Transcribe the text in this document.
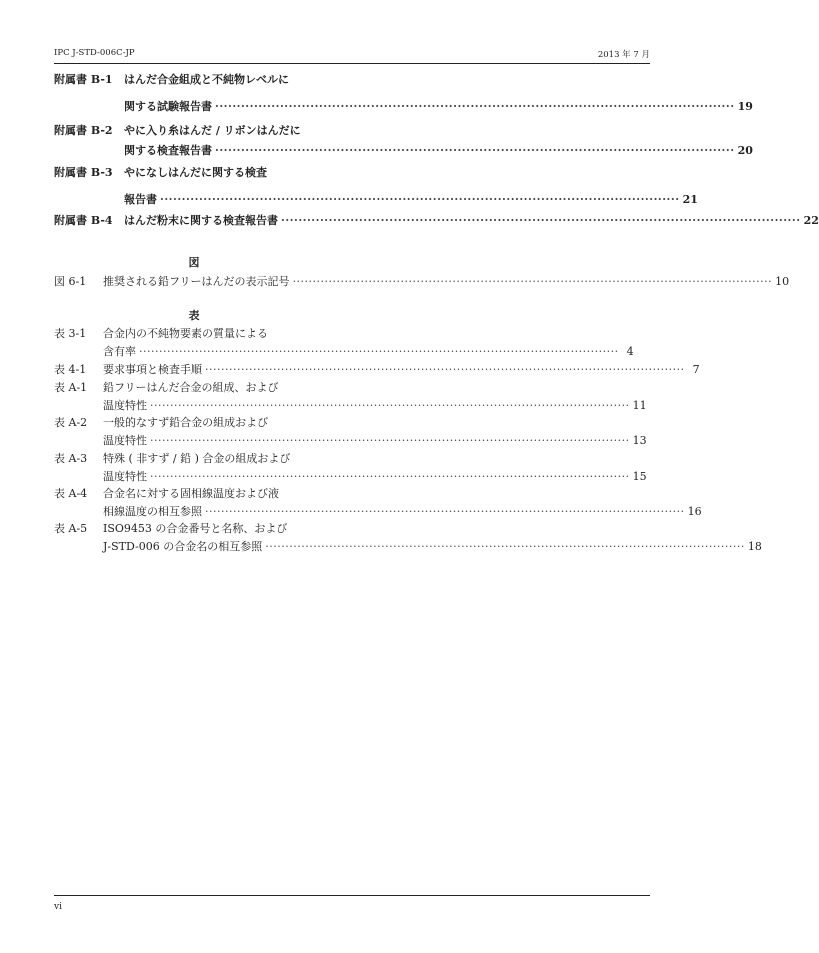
IPC J-STD-006C-JP	2013 年 7 月
vi
附属書 B-1 はんだ合金組成と不純物レベルに
関する試験報告書 ························································································································ 19
附属書 B-2 やに入り糸はんだ / リボンはんだに
関する検査報告書 ························································································································ 20
附属書 B-3 やになしはんだに関する検査
報告書 ························································································································ 21
附属書 B-4 はんだ粉末に関する検査報告書 ························································································································ 22
図
図 6-1 推奨される鉛フリーはんだの表示記号 ························································································································ 10
表
表 3-1 合金内の不純物要素の質量による
含有率 ························································································································ 4
表 4-1 要求事項と検査手順 ························································································································ 7
表 A-1 鉛フリーはんだ合金の組成、および
温度特性 ························································································································ 11
表 A-2 一般的なすず鉛合金の組成および
温度特性 ························································································································ 13
表 A-3 特殊 ( 非すず / 鉛 ) 合金の組成および
温度特性 ························································································································ 15
表 A-4 合金名に対する固相線温度および液
相線温度の相互参照 ························································································································ 16
表 A-5 ISO9453 の合金番号と名称、および
J-STD-006 の合金名の相互参照 ························································································································ 18
